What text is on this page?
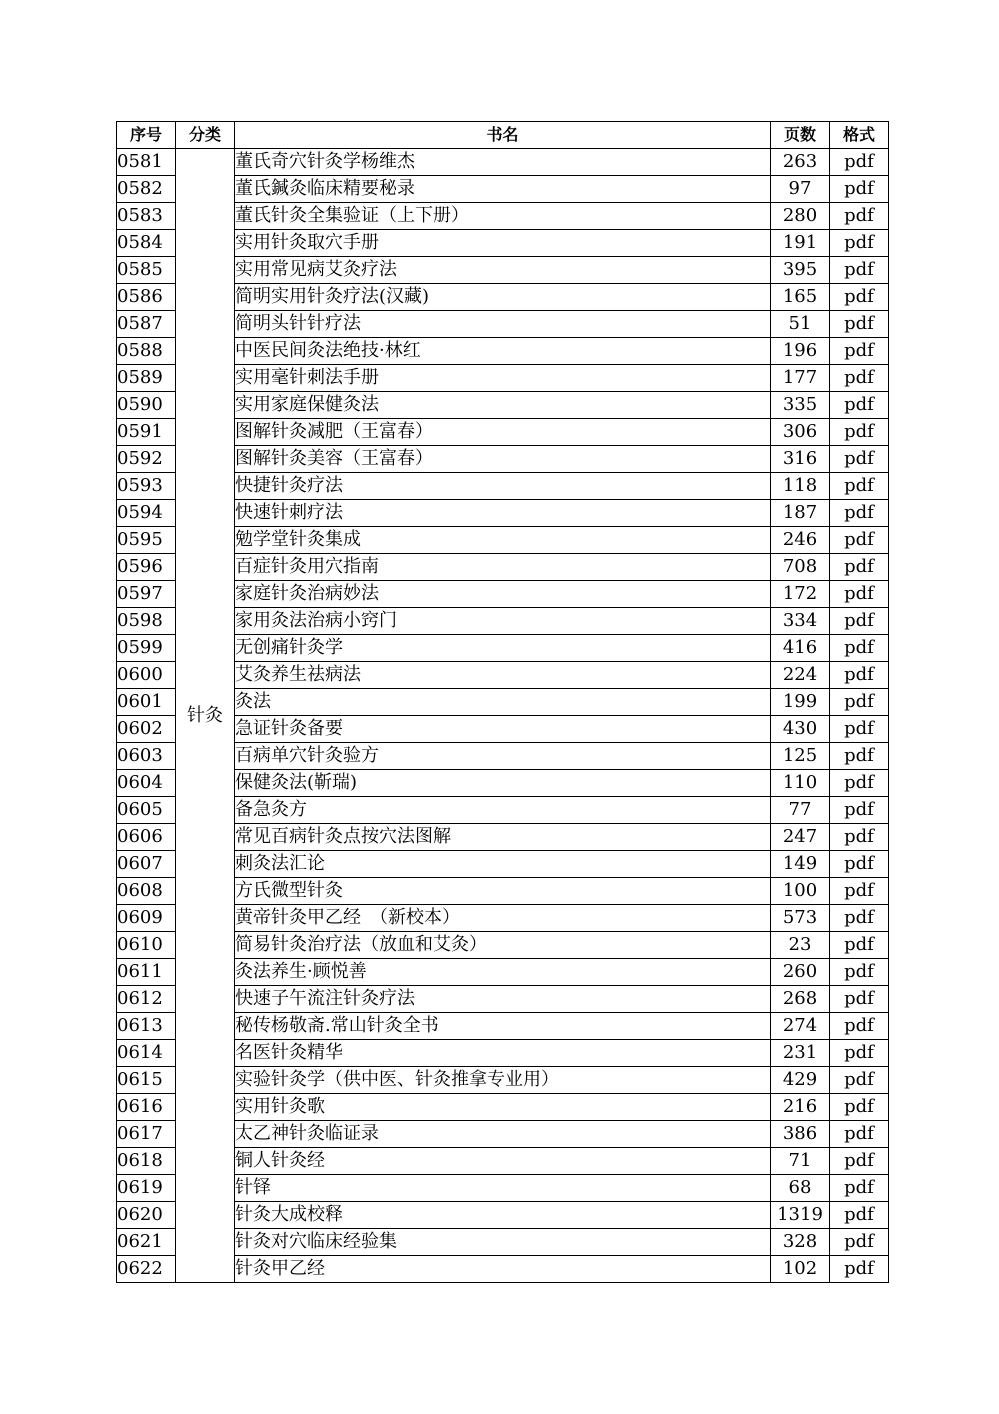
序号	分类	书名	页数	格式
0581	针灸	董氏奇穴针灸学杨维杰	263	pdf
0582		董氏鍼灸临床精要秘录	97	pdf
0583		董氏针灸全集验证（上下册）	280	pdf
0584		实用针灸取穴手册	191	pdf
0585		实用常见病艾灸疗法	395	pdf
0586		简明实用针灸疗法(汉藏)	165	pdf
0587		简明头针针疗法	51	pdf
0588		中医民间灸法绝技·林红	196	pdf
0589		实用毫针刺法手册	177	pdf
0590		实用家庭保健灸法	335	pdf
0591		图解针灸减肥（王富春）	306	pdf
0592		图解针灸美容（王富春）	316	pdf
0593		快捷针灸疗法	118	pdf
0594		快速针刺疗法	187	pdf
0595		勉学堂针灸集成	246	pdf
0596		百症针灸用穴指南	708	pdf
0597		家庭针灸治病妙法	172	pdf
0598		家用灸法治病小窍门	334	pdf
0599		无创痛针灸学	416	pdf
0600		艾灸养生祛病法	224	pdf
0601		灸法	199	pdf
0602		急证针灸备要	430	pdf
0603		百病单穴针灸验方	125	pdf
0604		保健灸法(靳瑞)	110	pdf
0605		备急灸方	77	pdf
0606		常见百病针灸点按穴法图解	247	pdf
0607		刺灸法汇论	149	pdf
0608		方氏微型针灸	100	pdf
0609		黄帝针灸甲乙经　（新校本）	573	pdf
0610		简易针灸治疗法（放血和艾灸）	23	pdf
0611		灸法养生·顾悦善	260	pdf
0612		快速子午流注针灸疗法	268	pdf
0613		秘传杨敬斋.常山针灸全书	274	pdf
0614		名医针灸精华	231	pdf
0615		实验针灸学（供中医、针灸推拿专业用）	429	pdf
0616		实用针灸歌	216	pdf
0617		太乙神针灸临证录	386	pdf
0618		铜人针灸经	71	pdf
0619		针铎	68	pdf
0620		针灸大成校释	1319	pdf
0621		针灸对穴临床经验集	328	pdf
0622		针灸甲乙经	102	pdf
